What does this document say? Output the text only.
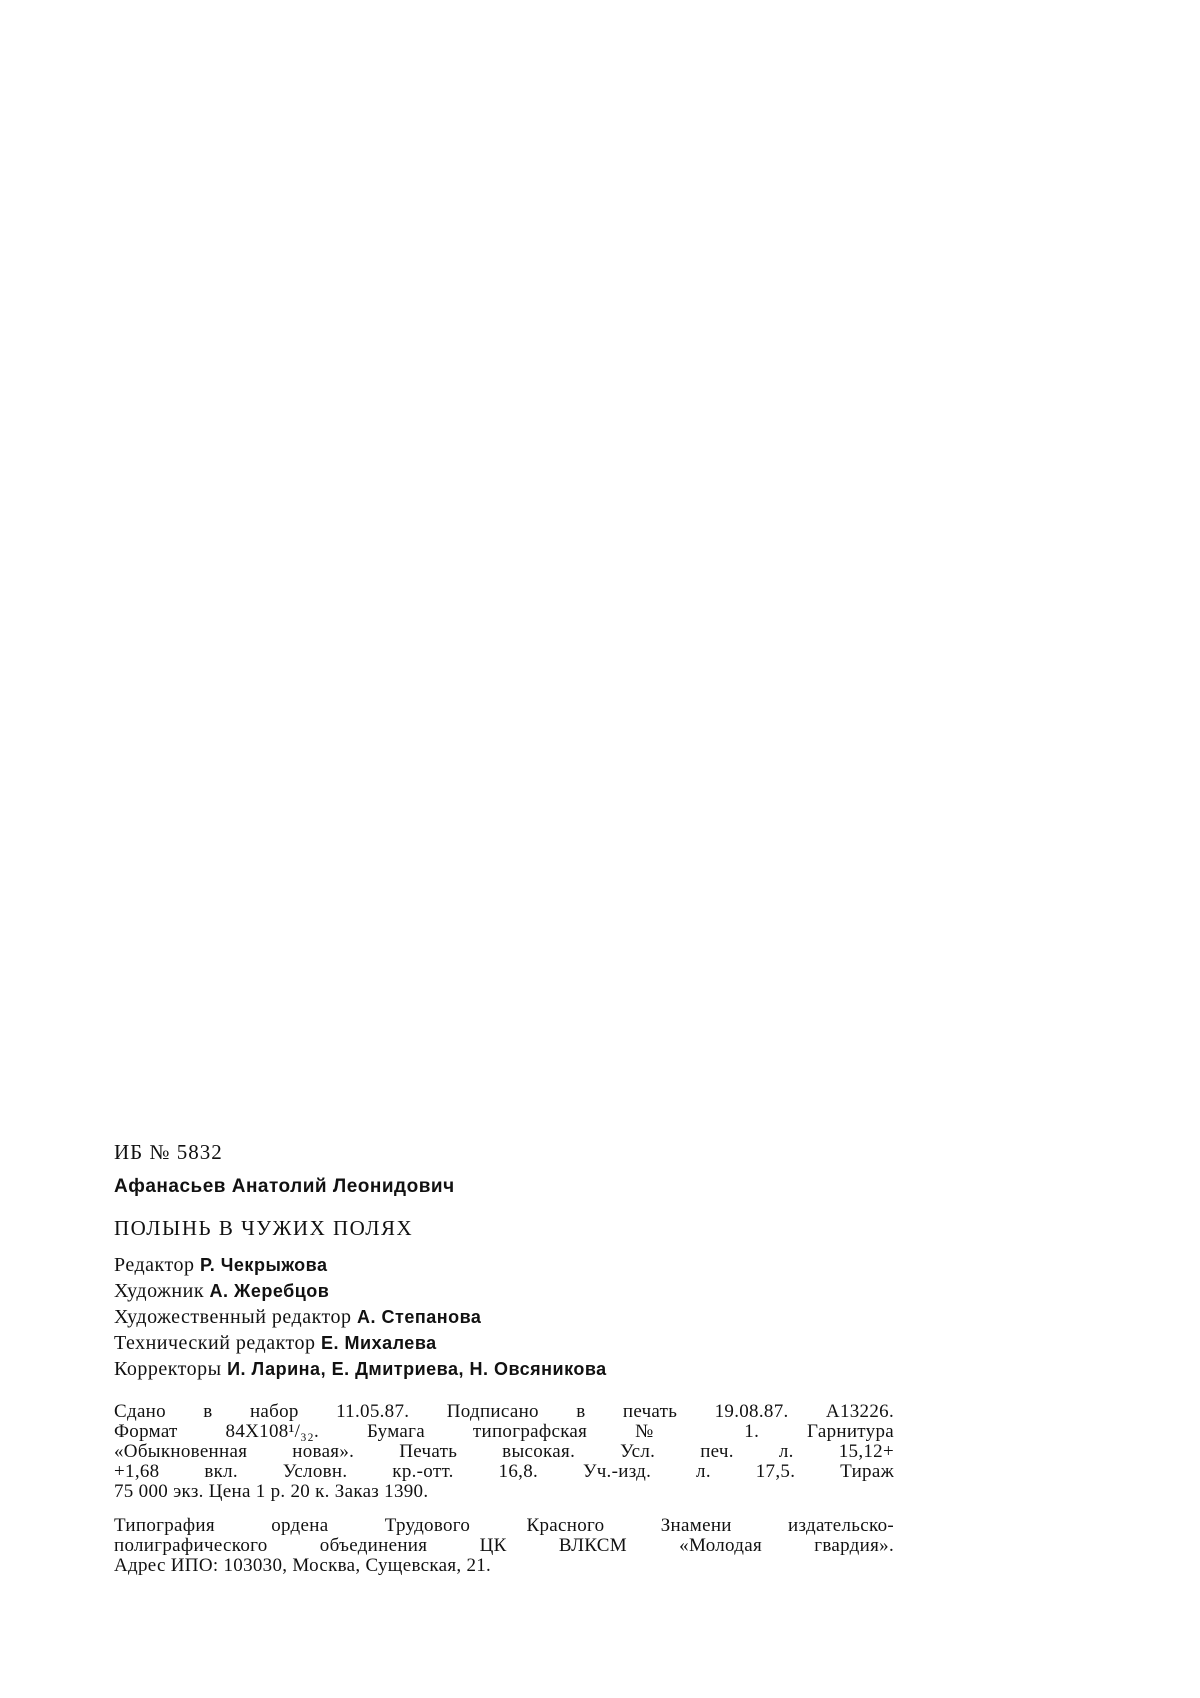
ИБ № 5832
Афанасьев Анатолий Леонидович
ПОЛЫНЬ В ЧУЖИХ ПОЛЯХ
Редактор Р. Чекрыжова
Художник А. Жеребцов
Художественный редактор А. Степанова
Технический редактор Е. Михалева
Корректоры И. Ларина, Е. Дмитриева, Н. Овсяникова
Сдано в набор 11.05.87. Подписано в печать 19.08.87. А13226.
Формат 84X108¹/₃₂. Бумага типографская № 1. Гарнитура
«Обыкновенная новая». Печать высокая. Усл. печ. л. 15,12+
+1,68 вкл. Условн. кр.-отт. 16,8. Уч.-изд. л. 17,5. Тираж
75 000 экз. Цена 1 р. 20 к. Заказ 1390.
Типография ордена Трудового Красного Знамени издательско-
полиграфического объединения ЦК ВЛКСМ «Молодая гвардия».
Адрес ИПО: 103030, Москва, Сущевская, 21.
